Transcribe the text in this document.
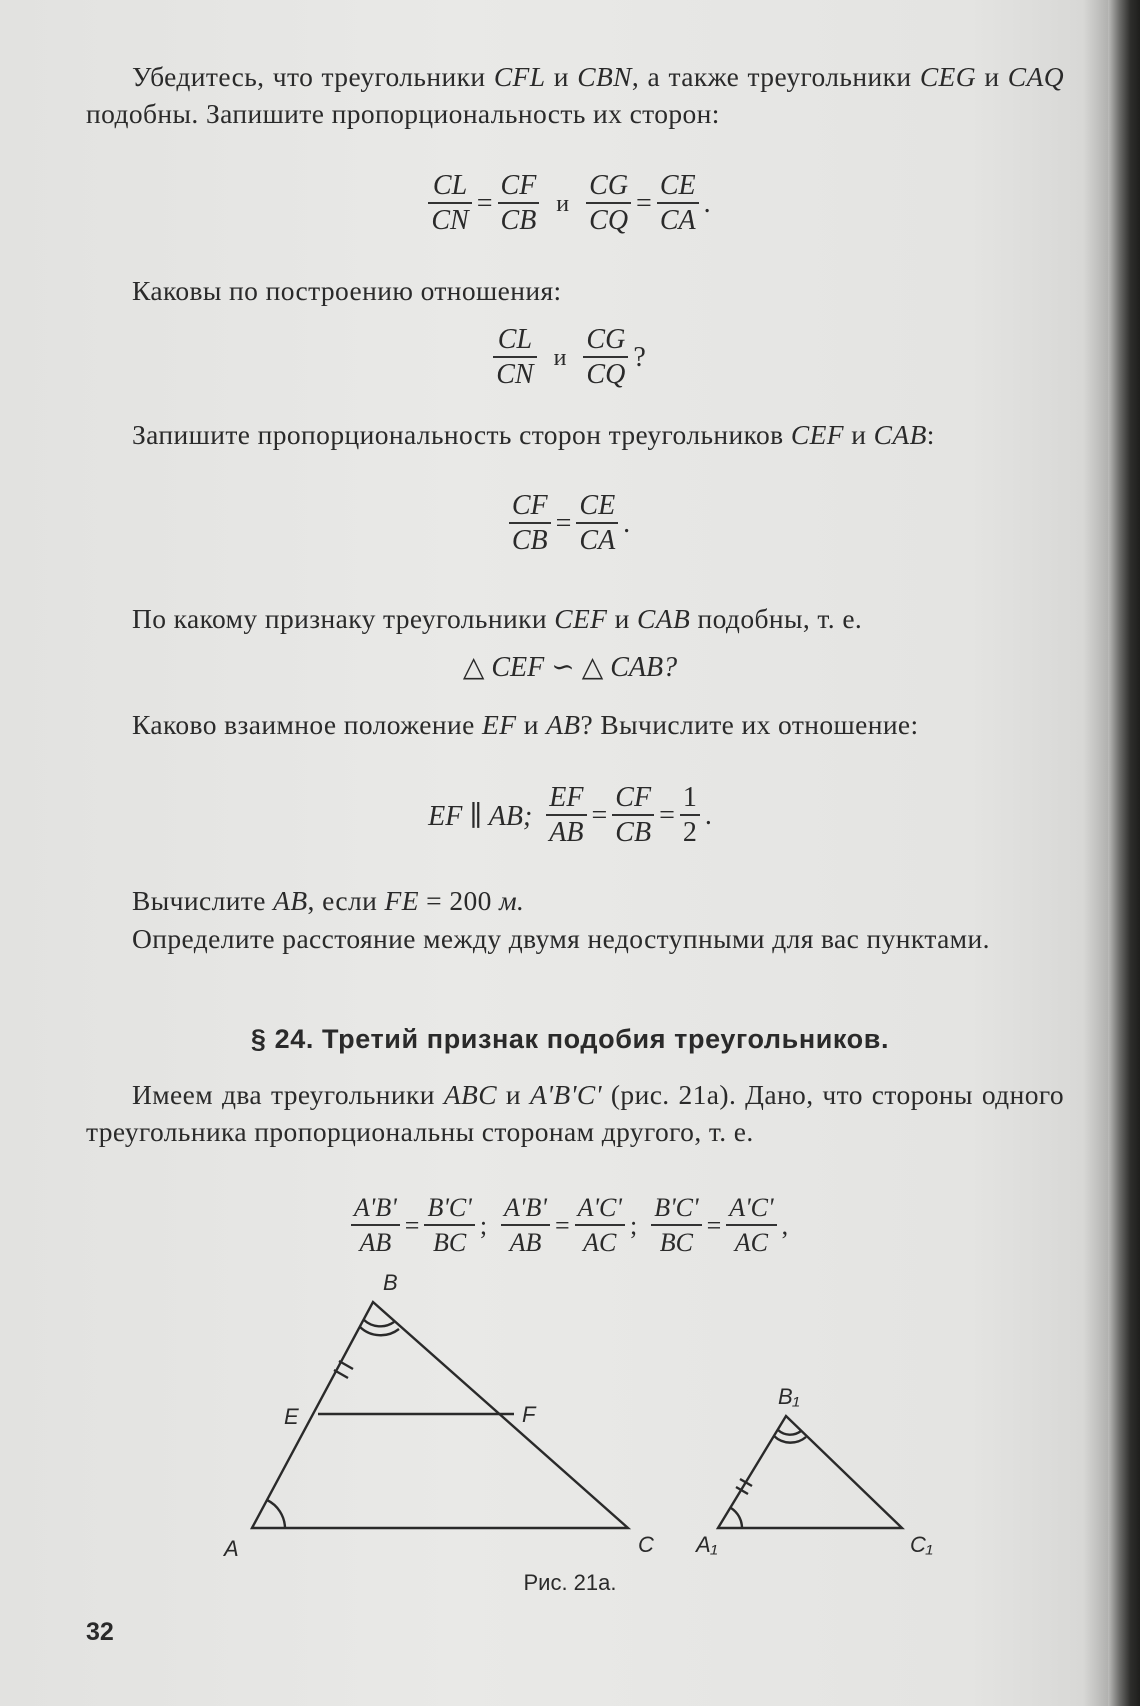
Убедитесь, что треугольники CFL и CBN, а также треугольники CEG и CAQ подобны. Запишите пропорциональность их сторон:
$\frac{CL}{CN} = \frac{CF}{CB}$ и $\frac{CG}{CQ} = \frac{CE}{CA}$ .
Каковы по построению отношения:
$\frac{CL}{CN}$ и $\frac{CG}{CQ}$ ?
Запишите пропорциональность сторон треугольников CEF и CAB:
$\frac{CF}{CB} = \frac{CE}{CA}$ .
По какому признаку треугольники CEF и CAB подобны, т. е.
△ CEF ∽ △ CAB?
Каково взаимное положение EF и AB? Вычислите их отношение:
EF ∥ AB; $\frac{EF}{AB} = \frac{CF}{CB} = \frac{1}{2}$ .
Вычислите AB, если FE = 200 м.
Определите расстояние между двумя недоступными для вас пунктами.
§ 24. Третий признак подобия треугольников.
Имеем два треугольники ABC и A'B'C' (рис. 21а). Дано, что стороны одного треугольника пропорциональны сторонам другого, т. е.
$\frac{A'B'}{AB} = \frac{B'C'}{BC}$ ; $\frac{A'B'}{AB} = \frac{A'C'}{AC}$ ; $\frac{B'C'}{BC} = \frac{A'C'}{AC}$ ,
B
E	F
A	C
B₁
A₁	C₁
Рис. 21а.
32
